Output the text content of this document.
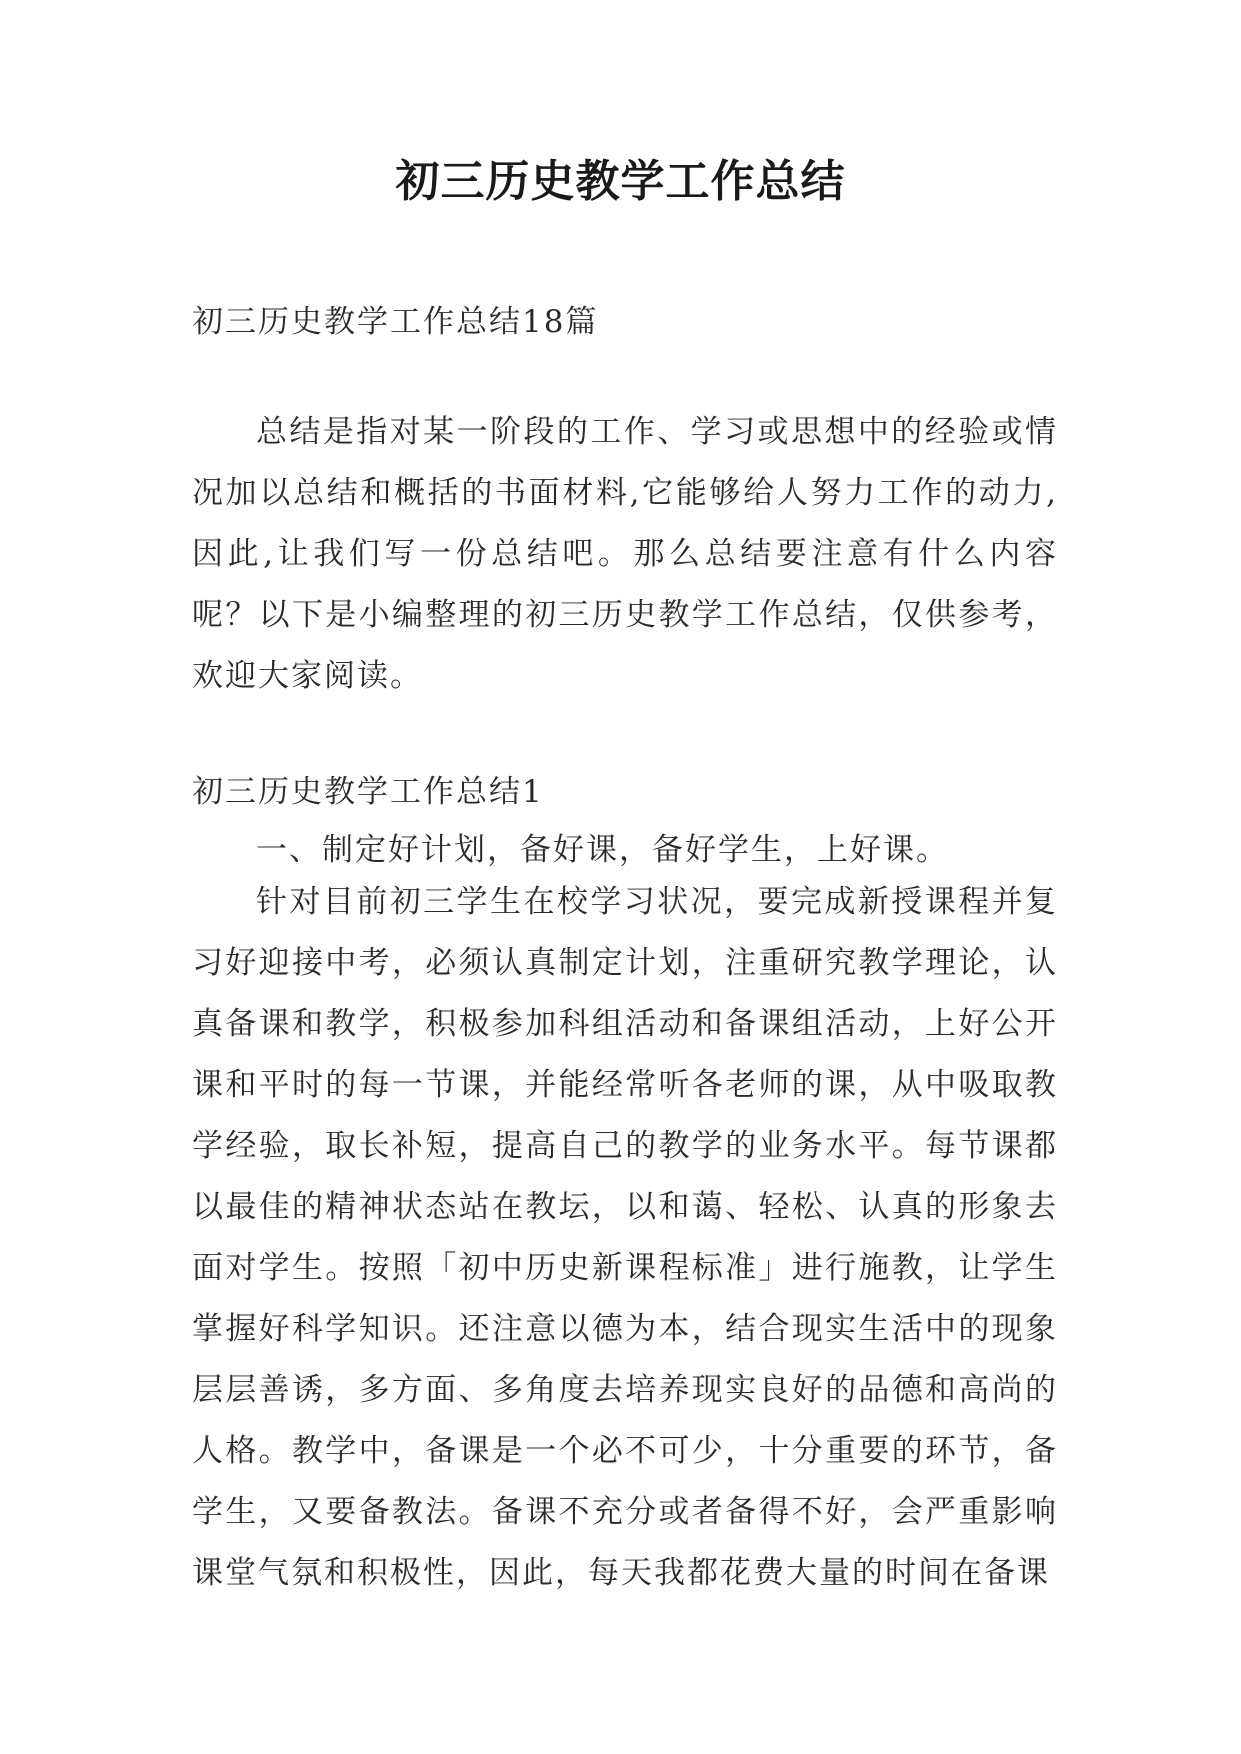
初三历史教学工作总结
初三历史教学工作总结18篇
总结是指对某一阶段的工作、学习或思想中的经验或情况加以总结和概括的书面材料,它能够给人努力工作的动力,因此,让我们写一份总结吧。那么总结要注意有什么内容呢？以下是小编整理的初三历史教学工作总结，仅供参考，欢迎大家阅读。
初三历史教学工作总结1
一、制定好计划，备好课，备好学生，上好课。
针对目前初三学生在校学习状况，要完成新授课程并复习好迎接中考，必须认真制定计划，注重研究教学理论，认真备课和教学，积极参加科组活动和备课组活动，上好公开课和平时的每一节课，并能经常听各老师的课，从中吸取教学经验，取长补短，提高自己的教学的业务水平。每节课都以最佳的精神状态站在教坛，以和蔼、轻松、认真的形象去面对学生。按照「初中历史新课程标准」进行施教，让学生掌握好科学知识。还注意以德为本，结合现实生活中的现象层层善诱，多方面、多角度去培养现实良好的品德和高尚的人格。教学中，备课是一个必不可少，十分重要的环节，备学生，又要备教法。备课不充分或者备得不好，会严重影响课堂气氛和积极性，因此，每天我都花费大量的时间在备课
